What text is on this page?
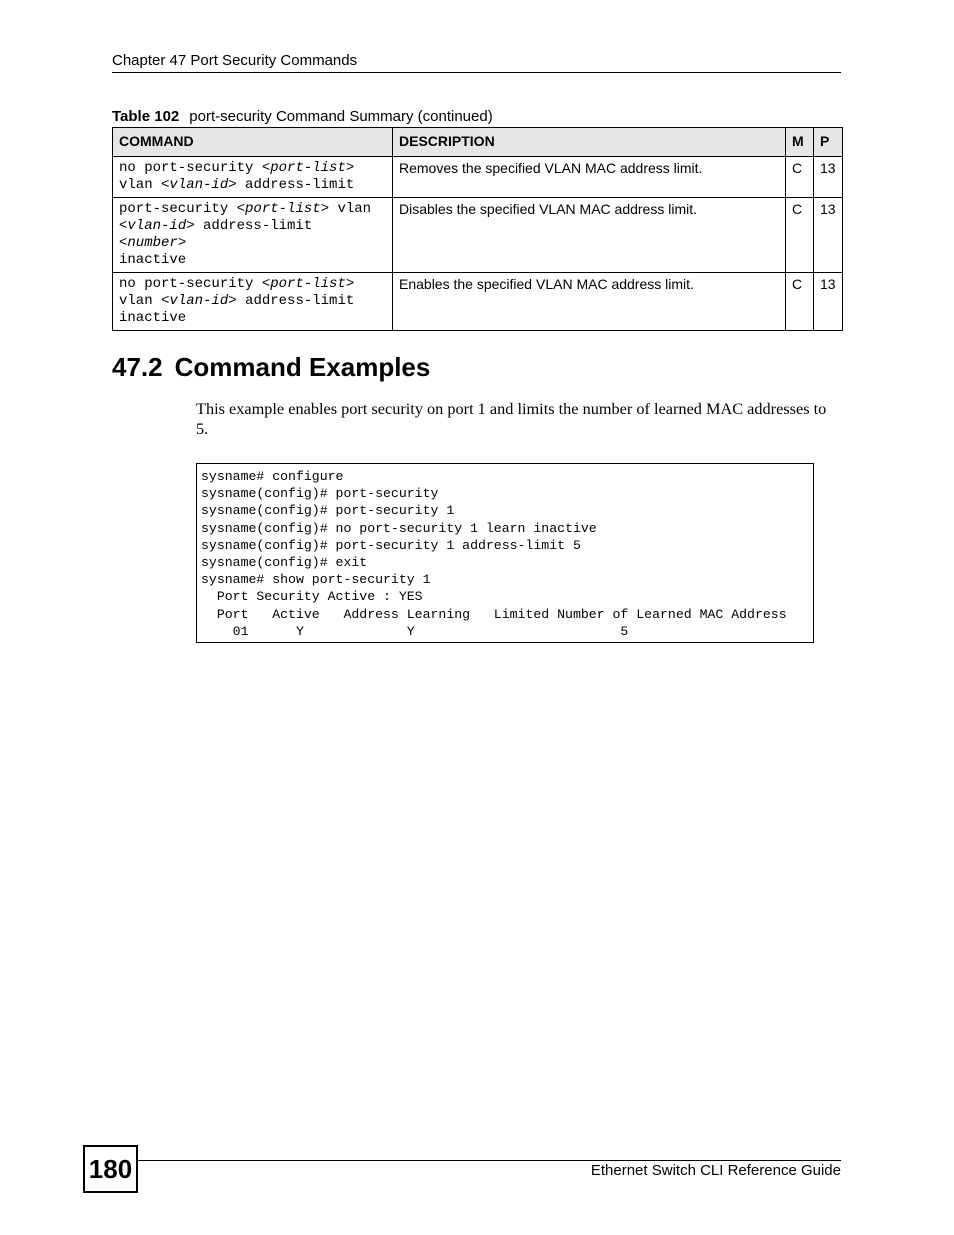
Chapter 47 Port Security Commands
Table 102 port-security Command Summary (continued)
COMMAND	DESCRIPTION	M	P

no port-security <port-list>
vlan <vlan-id> address-limit	Removes the specified VLAN MAC address limit.	C	13

port-security <port-list> vlan
<vlan-id> address-limit <number>
inactive	Disables the specified VLAN MAC address limit.	C	13

no port-security <port-list>
vlan <vlan-id> address-limit
inactive	Enables the specified VLAN MAC address limit.	C	13
47.2 Command Examples

This example enables port security on port 1 and limits the number of learned MAC addresses to 5.

sysname# configure
sysname(config)# port-security
sysname(config)# port-security 1
sysname(config)# no port-security 1 learn inactive
sysname(config)# port-security 1 address-limit 5
sysname(config)# exit
sysname# show port-security 1
Port Security Active : YES
Port   Active   Address Learning   Limited Number of Learned MAC Address
01      Y             Y                          5
180	Ethernet Switch CLI Reference Guide
